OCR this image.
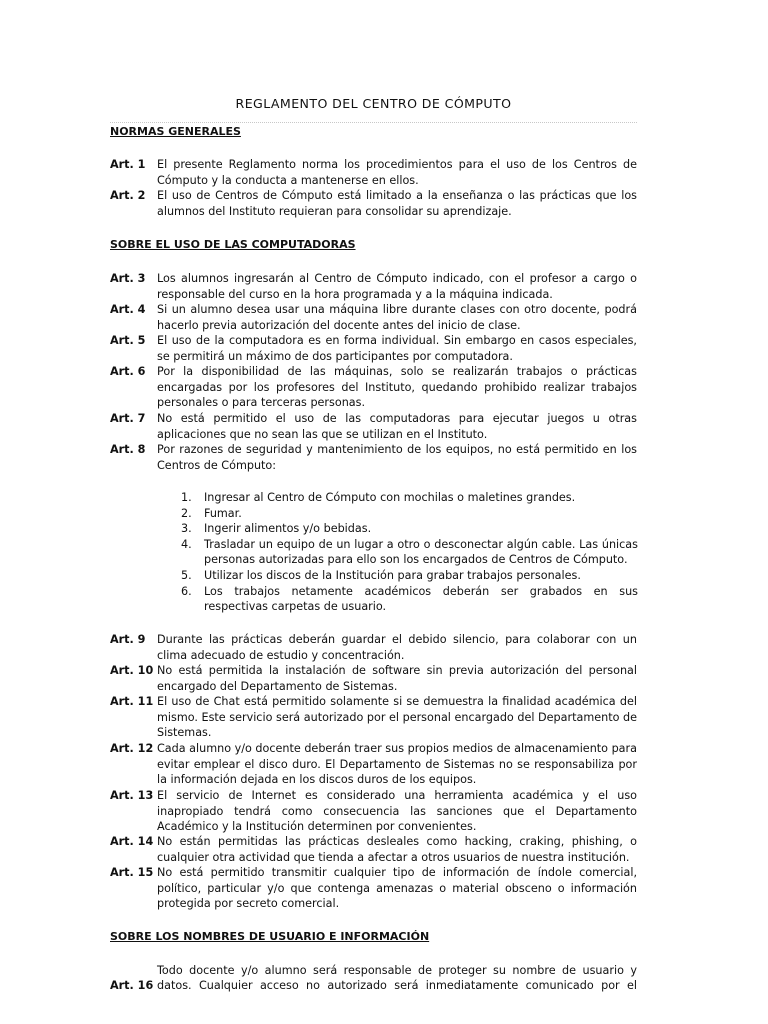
REGLAMENTO DEL CENTRO DE CÓMPUTO
NORMAS GENERALES
Art. 1 El presente Reglamento norma los procedimientos para el uso de los Centros de Cómputo y la conducta a mantenerse en ellos.
Art. 2 El uso de Centros de Cómputo está limitado a la enseñanza o las prácticas que los alumnos del Instituto requieran para consolidar su aprendizaje.
SOBRE EL USO DE LAS COMPUTADORAS
Art. 3 Los alumnos ingresarán al Centro de Cómputo indicado, con el profesor a cargo o responsable del curso en la hora programada y a la máquina indicada.
Art. 4 Si un alumno desea usar una máquina libre durante clases con otro docente, podrá hacerlo previa autorización del docente antes del inicio de clase.
Art. 5 El uso de la computadora es en forma individual. Sin embargo en casos especiales, se permitirá un máximo de dos participantes por computadora.
Art. 6 Por la disponibilidad de las máquinas, solo se realizarán trabajos o prácticas encargadas por los profesores del Instituto, quedando prohibido realizar trabajos personales o para terceras personas.
Art. 7 No está permitido el uso de las computadoras para ejecutar juegos u otras aplicaciones que no sean las que se utilizan en el Instituto.
Art. 8 Por razones de seguridad y mantenimiento de los equipos, no está permitido en los Centros de Cómputo:
1. Ingresar al Centro de Cómputo con mochilas o maletines grandes.
2. Fumar.
3. Ingerir alimentos y/o bebidas.
4. Trasladar un equipo de un lugar a otro o desconectar algún cable. Las únicas personas autorizadas para ello son los encargados de Centros de Cómputo.
5. Utilizar los discos de la Institución para grabar trabajos personales.
6. Los trabajos netamente académicos deberán ser grabados en sus respectivas carpetas de usuario.
Art. 9 Durante las prácticas deberán guardar el debido silencio, para colaborar con un clima adecuado de estudio y concentración.
Art. 10 No está permitida la instalación de software sin previa autorización del personal encargado del Departamento de Sistemas.
Art. 11 El uso de Chat está permitido solamente si se demuestra la finalidad académica del mismo. Este servicio será autorizado por el personal encargado del Departamento de Sistemas.
Art. 12 Cada alumno y/o docente deberán traer sus propios medios de almacenamiento para evitar emplear el disco duro. El Departamento de Sistemas no se responsabiliza por la información dejada en los discos duros de los equipos.
Art. 13 El servicio de Internet es considerado una herramienta académica y el uso inapropiado tendrá como consecuencia las sanciones que el Departamento Académico y la Institución determinen por convenientes.
Art. 14 No están permitidas las prácticas desleales como hacking, craking, phishing, o cualquier otra actividad que tienda a afectar a otros usuarios de nuestra institución.
Art. 15 No está permitido transmitir cualquier tipo de información de índole comercial, político, particular y/o que contenga amenazas o material obsceno o información protegida por secreto comercial.
SOBRE LOS NOMBRES DE USUARIO E INFORMACIÓN
Todo docente y/o alumno será responsable de proteger su nombre de usuario y
Art. 16 datos. Cualquier acceso no autorizado será inmediatamente comunicado por el
